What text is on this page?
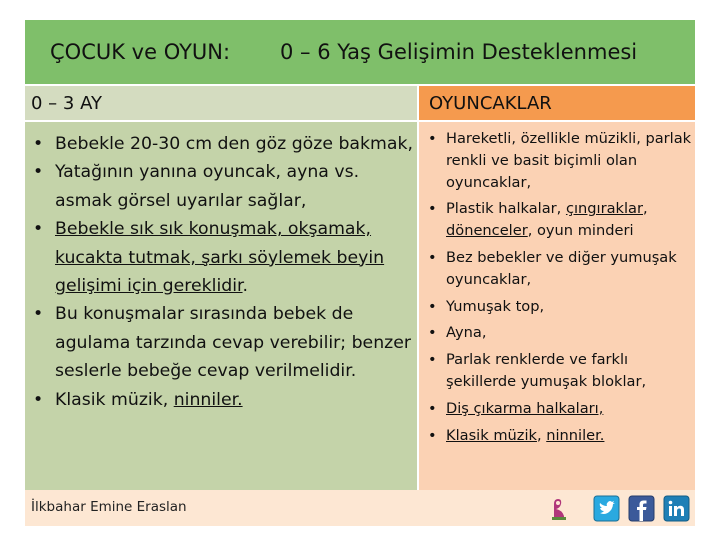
ÇOCUK ve OYUN: 0 – 6 Yaş Gelişimin Desteklenmesi
0 – 3 AY	OYUNCAKLAR
• Bebekle 20-30 cm den göz göze bakmak,
• Yatağının yanına oyuncak, ayna vs. asmak görsel uyarılar sağlar,
• Bebekle sık sık konuşmak, okşamak, kucakta tutmak, şarkı söylemek beyin gelişimi için gereklidir.
• Bu konuşmalar sırasında bebek de agulama tarzında cevap verebilir; benzer seslerle bebeğe cevap verilmelidir.
• Klasik müzik, ninniler.
• Hareketli, özellikle müzikli, parlak renkli ve basit biçimli olan oyuncaklar,
• Plastik halkalar, çıngıraklar, dönenceler, oyun minderi
• Bez bebekler ve diğer yumuşak oyuncaklar,
• Yumuşak top,
• Ayna,
• Parlak renklerde ve farklı şekillerde yumuşak bloklar,
• Diş çıkarma halkaları,
• Klasik müzik, ninniler.
İlkbahar Emine Eraslan
